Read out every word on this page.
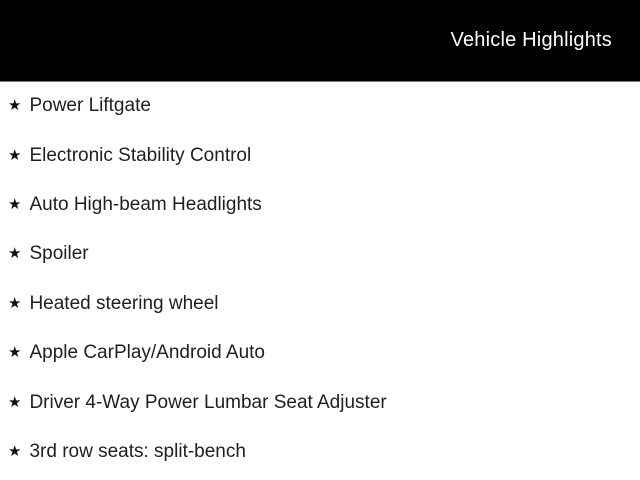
Vehicle Highlights
★ Power Liftgate
★ Electronic Stability Control
★ Auto High-beam Headlights
★ Spoiler
★ Heated steering wheel
★ Apple CarPlay/Android Auto
★ Driver 4-Way Power Lumbar Seat Adjuster
★ 3rd row seats: split-bench
